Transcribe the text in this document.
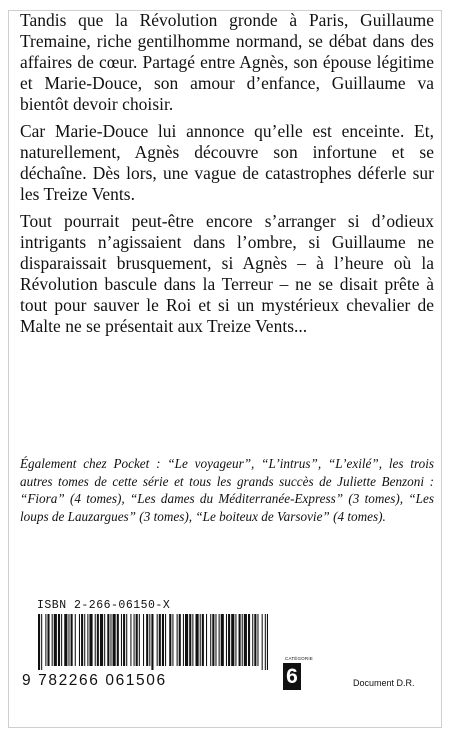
Tandis que la Révolution gronde à Paris, Guillaume Tremaine, riche gentilhomme normand, se débat dans des affaires de cœur. Partagé entre Agnès, son épouse légitime et Marie-Douce, son amour d’enfance, Guillaume va bientôt devoir choisir.

Car Marie-Douce lui annonce qu’elle est enceinte. Et, naturellement, Agnès découvre son infortune et se déchaîne. Dès lors, une vague de catastrophes déferle sur les Treize Vents.

Tout pourrait peut-être encore s’arranger si d’odieux intrigants n’agissaient dans l’ombre, si Guillaume ne disparaissait brusquement, si Agnès – à l’heure où la Révolution bascule dans la Terreur – ne se disait prête à tout pour sauver le Roi et si un mystérieux chevalier de Malte ne se présentait aux Treize Vents...

Également chez Pocket : “Le voyageur”, “L’intrus”, “L’exilé”, les trois autres tomes de cette série et tous les grands succès de Juliette Benzoni : “Fiora” (4 tomes), “Les dames du Méditerranée-Express” (3 tomes), “Les loups de Lauzargues” (3 tomes), “Le boiteux de Varsovie” (4 tomes).

ISBN 2-266-06150-X
9 782266 061506
CATÉGORIE
6	Document D.R.
